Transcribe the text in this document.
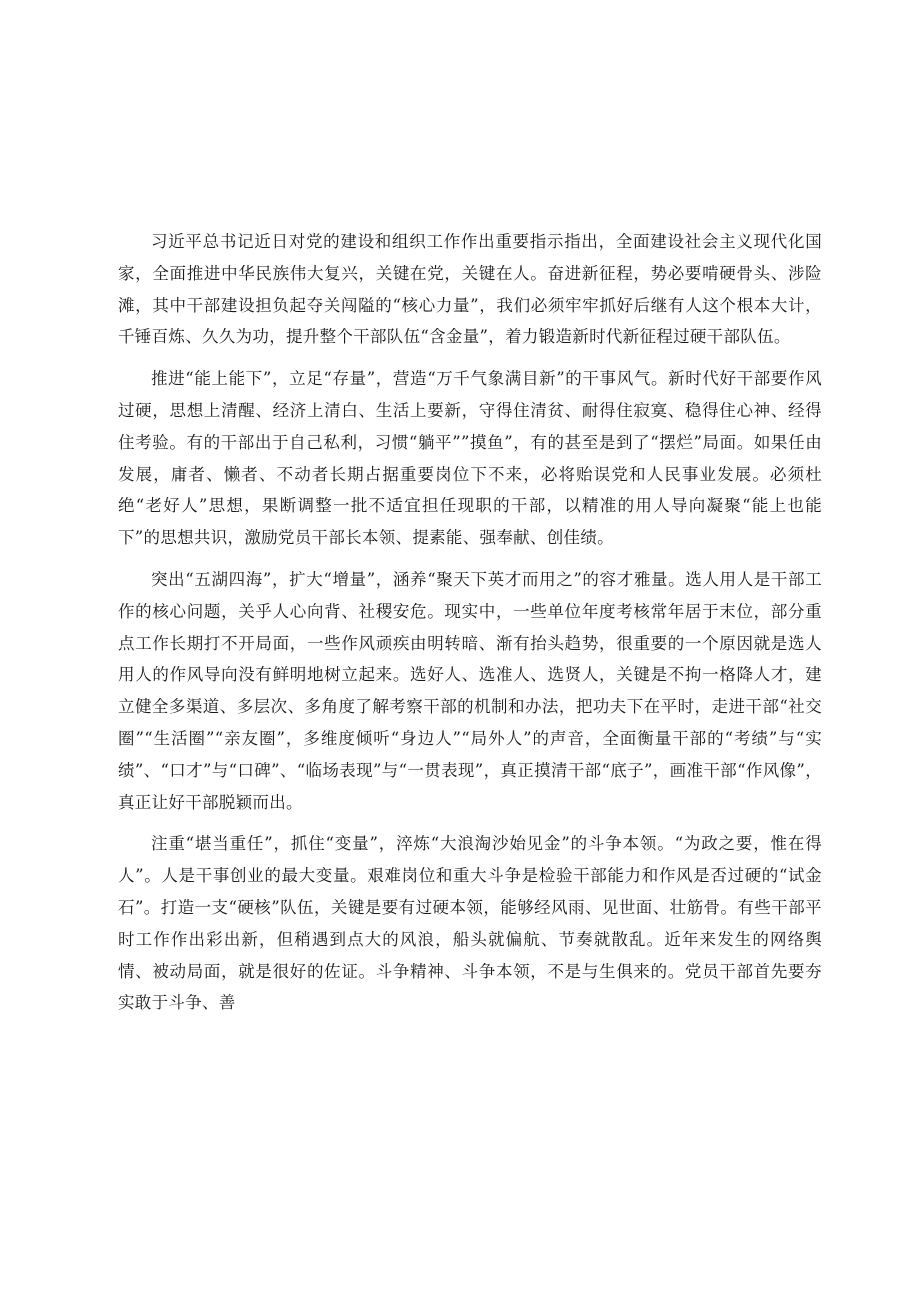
习近平总书记近日对党的建设和组织工作作出重要指示指出，全面建设社会主义现代化国家，全面推进中华民族伟大复兴，关键在党，关键在人。奋进新征程，势必要啃硬骨头、涉险滩，其中干部建设担负起夺关闯隘的“核心力量”，我们必须牢牢抓好后继有人这个根本大计，千锤百炼、久久为功，提升整个干部队伍“含金量”，着力锻造新时代新征程过硬干部队伍。

推进“能上能下”，立足“存量”，营造“万千气象满目新”的干事风气。新时代好干部要作风过硬，思想上清醒、经济上清白、生活上要新，守得住清贫、耐得住寂寞、稳得住心神、经得住考验。有的干部出于自己私利，习惯“躺平””摸鱼”，有的甚至是到了“摆烂”局面。如果任由发展，庸者、懒者、不动者长期占据重要岗位下不来，必将贻误党和人民事业发展。必须杜绝“老好人”思想，果断调整一批不适宜担任现职的干部，以精准的用人导向凝聚“能上也能下”的思想共识，激励党员干部长本领、提素能、强奉献、创佳绩。

突出“五湖四海”，扩大“增量”，涵养“聚天下英才而用之”的容才雅量。选人用人是干部工作的核心问题，关乎人心向背、社稷安危。现实中，一些单位年度考核常年居于末位，部分重点工作长期打不开局面，一些作风顽疾由明转暗、渐有抬头趋势，很重要的一个原因就是选人用人的作风导向没有鲜明地树立起来。选好人、选准人、选贤人，关键是不拘一格降人才，建立健全多渠道、多层次、多角度了解考察干部的机制和办法，把功夫下在平时，走进干部“社交圈”“生活圈”“亲友圈”，多维度倾听“身边人”“局外人”的声音，全面衡量干部的“考绩”与“实绩”、“口才”与“口碑”、“临场表现”与“一贯表现”，真正摸清干部“底子”，画准干部“作风像”，真正让好干部脱颖而出。

注重“堪当重任”，抓住“变量”，淬炼“大浪淘沙始见金”的斗争本领。“为政之要，惟在得人”。人是干事创业的最大变量。艰难岗位和重大斗争是检验干部能力和作风是否过硬的“试金石”。打造一支“硬核”队伍，关键是要有过硬本领，能够经风雨、见世面、壮筋骨。有些干部平时工作作出彩出新，但稍遇到点大的风浪，船头就偏航、节奏就散乱。近年来发生的网络舆情、被动局面，就是很好的佐证。斗争精神、斗争本领，不是与生俱来的。党员干部首先要夯实敢于斗争、善
